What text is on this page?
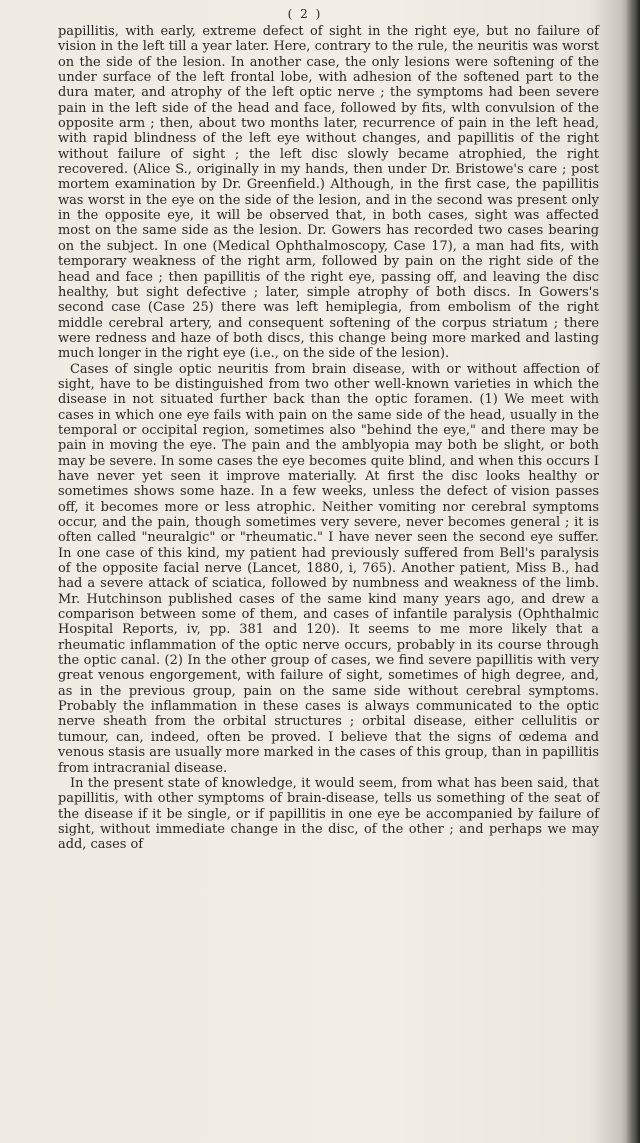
( 2 )

papillitis, with early, extreme defect of sight in the right eye, but no failure of vision in the left till a year later. Here, contrary to the rule, the neuritis was worst on the side of the lesion. In another case, the only lesions were softening of the under surface of the left frontal lobe, with adhesion of the softened part to the dura mater, and atrophy of the left optic nerve ; the symptoms had been severe pain in the left side of the head and face, followed by fits, wlth convulsion of the opposite arm ; then, about two months later, recurrence of pain in the left head, with rapid blindness of the left eye without changes, and papillitis of the right without failure of sight ; the left disc slowly became atrophied, the right recovered. (Alice S., originally in my hands, then under Dr. Bristowe's care ; post mortem examination by Dr. Greenfield.) Although, in the first case, the papillitis was worst in the eye on the side of the lesion, and in the second was present only in the opposite eye, it will be observed that, in both cases, sight was affected most on the same side as the lesion. Dr. Gowers has recorded two cases bearing on the subject. In one (Medical Ophthalmoscopy, Case 17), a man had fits, with temporary weakness of the right arm, followed by pain on the right side of the head and face ; then papillitis of the right eye, passing off, and leaving the disc healthy, but sight defective ; later, simple atrophy of both discs. In Gowers's second case (Case 25) there was left hemiplegia, from embolism of the right middle cerebral artery, and consequent softening of the corpus striatum ; there were redness and haze of both discs, this change being more marked and lasting much longer in the right eye (i.e., on the side of the lesion).

Cases of single optic neuritis from brain disease, with or without affection of sight, have to be distinguished from two other well-known varieties in which the disease in not situated further back than the optic foramen. (1) We meet with cases in which one eye fails with pain on the same side of the head, usually in the temporal or occipital region, sometimes also "behind the eye," and there may be pain in moving the eye. The pain and the amblyopia may both be slight, or both may be severe. In some cases the eye becomes quite blind, and when this occurs I have never yet seen it improve materially. At first the disc looks healthy or sometimes shows some haze. In a few weeks, unless the defect of vision passes off, it becomes more or less atrophic. Neither vomiting nor cerebral symptoms occur, and the pain, though sometimes very severe, never becomes general ; it is often called "neuralgic" or "rheumatic." I have never seen the second eye suffer. In one case of this kind, my patient had previously suffered from Bell's paralysis of the opposite facial nerve (Lancet, 1880, i, 765). Another patient, Miss B., had had a severe attack of sciatica, followed by numbness and weakness of the limb. Mr. Hutchinson published cases of the same kind many years ago, and drew a comparison between some of them, and cases of infantile paralysis (Ophthalmic Hospital Reports, iv, pp. 381 and 120). It seems to me more likely that a rheumatic inflammation of the optic nerve occurs, probably in its course through the optic canal. (2) In the other group of cases, we find severe papillitis with very great venous engorgement, with failure of sight, sometimes of high degree, and, as in the previous group, pain on the same side without cerebral symptoms. Probably the inflammation in these cases is always communicated to the optic nerve sheath from the orbital structures ; orbital disease, either cellulitis or tumour, can, indeed, often be proved. I believe that the signs of œdema and venous stasis are usually more marked in the cases of this group, than in papillitis from intracranial disease.

In the present state of knowledge, it would seem, from what has been said, that papillitis, with other symptoms of brain-disease, tells us something of the seat of the disease if it be single, or if papillitis in one eye be accompanied by failure of sight, without immediate change in the disc, of the other ; and perhaps we may add, cases of
